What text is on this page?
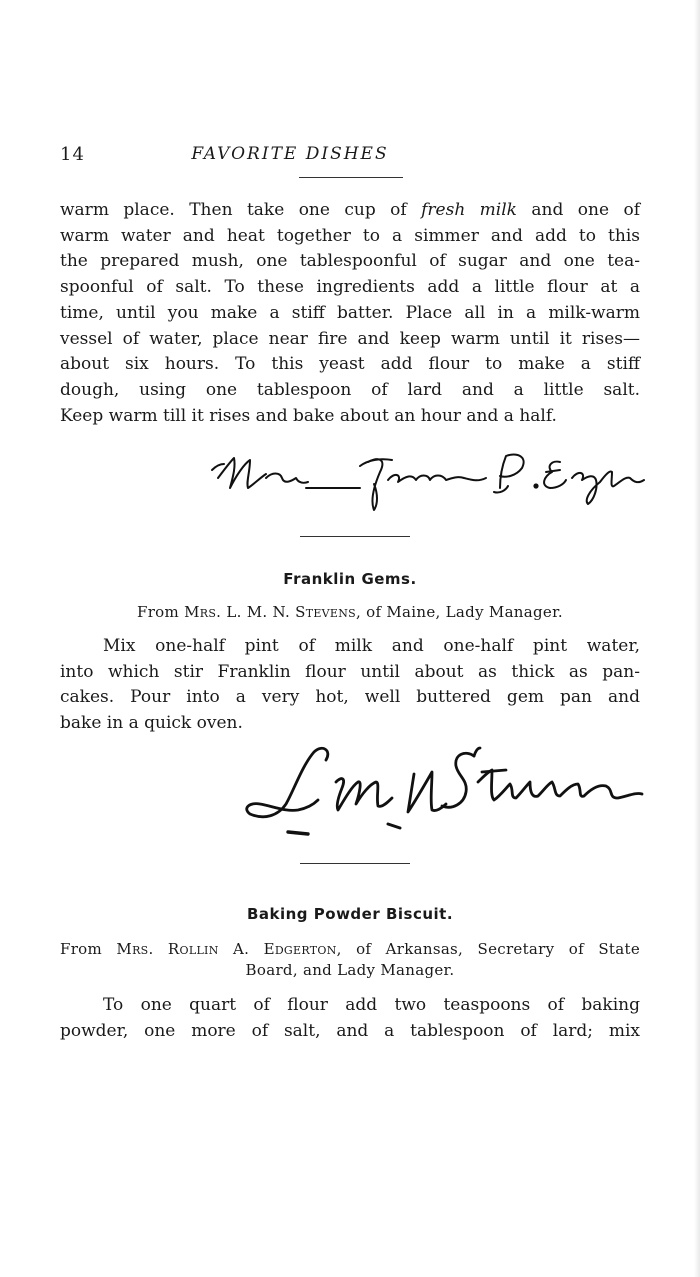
14	FAVORITE DISHES
warm place. Then take one cup of fresh milk and one of
warm water and heat together to a simmer and add to this
the prepared mush, one tablespoonful of sugar and one tea-
spoonful of salt. To these ingredients add a little flour at a
time, until you make a stiff batter. Place all in a milk-warm
vessel of water, place near fire and keep warm until it rises—
about six hours. To this yeast add flour to make a stiff
dough, using one tablespoon of lard and a little salt.
Keep warm till it rises and bake about an hour and a half.
Franklin Gems.
From Mrs. L. M. N. Stevens, of Maine, Lady Manager.
Mix one-half pint of milk and one-half pint water,
into which stir Franklin flour until about as thick as pan-
cakes. Pour into a very hot, well buttered gem pan and
bake in a quick oven.
Baking Powder Biscuit.
From Mrs. Rollin A. Edgerton, of Arkansas, Secretary of State
Board, and Lady Manager.
To one quart of flour add two teaspoons of baking
powder, one more of salt, and a tablespoon of lard; mix
